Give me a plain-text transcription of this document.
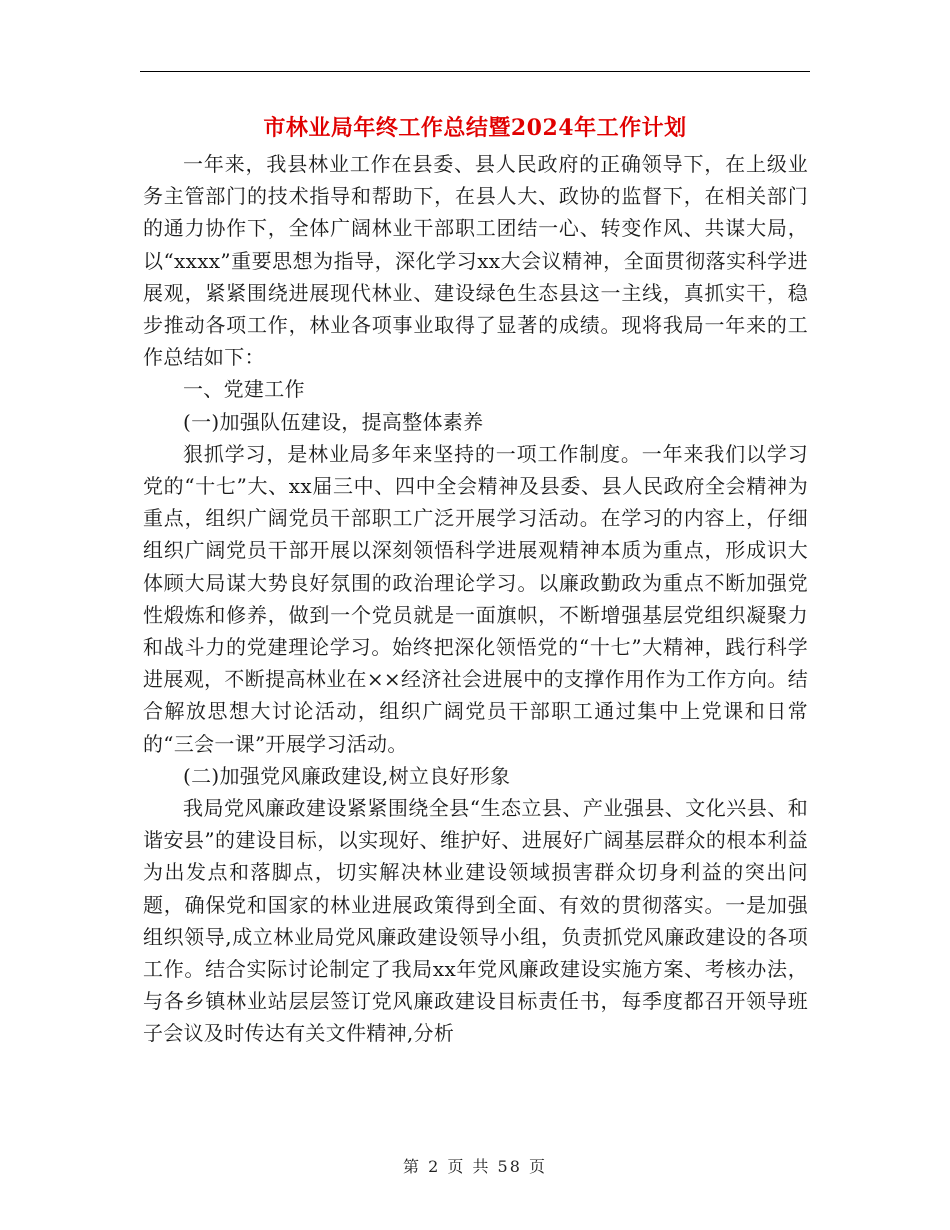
市林业局年终工作总结暨2024年工作计划

一年来，我县林业工作在县委、县人民政府的正确领导下，在上级业务主管部门的技术指导和帮助下，在县人大、政协的监督下，在相关部门的通力协作下，全体广阔林业干部职工团结一心、转变作风、共谋大局，以“xxxx”重要思想为指导，深化学习xx大会议精神，全面贯彻落实科学进展观，紧紧围绕进展现代林业、建设绿色生态县这一主线，真抓实干，稳步推动各项工作，林业各项事业取得了显著的成绩。现将我局一年来的工作总结如下：

一、党建工作

(一)加强队伍建设，提高整体素养

狠抓学习，是林业局多年来坚持的一项工作制度。一年来我们以学习党的“十七”大、xx届三中、四中全会精神及县委、县人民政府全会精神为重点，组织广阔党员干部职工广泛开展学习活动。在学习的内容上，仔细组织广阔党员干部开展以深刻领悟科学进展观精神本质为重点，形成识大体顾大局谋大势良好氛围的政治理论学习。以廉政勤政为重点不断加强党性煅炼和修养，做到一个党员就是一面旗帜，不断增强基层党组织凝聚力和战斗力的党建理论学习。始终把深化领悟党的“十七”大精神，践行科学进展观，不断提高林业在××经济社会进展中的支撑作用作为工作方向。结合解放思想大讨论活动，组织广阔党员干部职工通过集中上党课和日常的“三会一课”开展学习活动。

(二)加强党风廉政建设,树立良好形象

我局党风廉政建设紧紧围绕全县“生态立县、产业强县、文化兴县、和谐安县”的建设目标，以实现好、维护好、进展好广阔基层群众的根本利益为出发点和落脚点，切实解决林业建设领域损害群众切身利益的突出问题，确保党和国家的林业进展政策得到全面、有效的贯彻落实。一是加强组织领导,成立林业局党风廉政建设领导小组，负责抓党风廉政建设的各项工作。结合实际讨论制定了我局xx年党风廉政建设实施方案、考核办法，与各乡镇林业站层层签订党风廉政建设目标责任书，每季度都召开领导班子会议及时传达有关文件精神,分析

第 2 页 共 58 页
